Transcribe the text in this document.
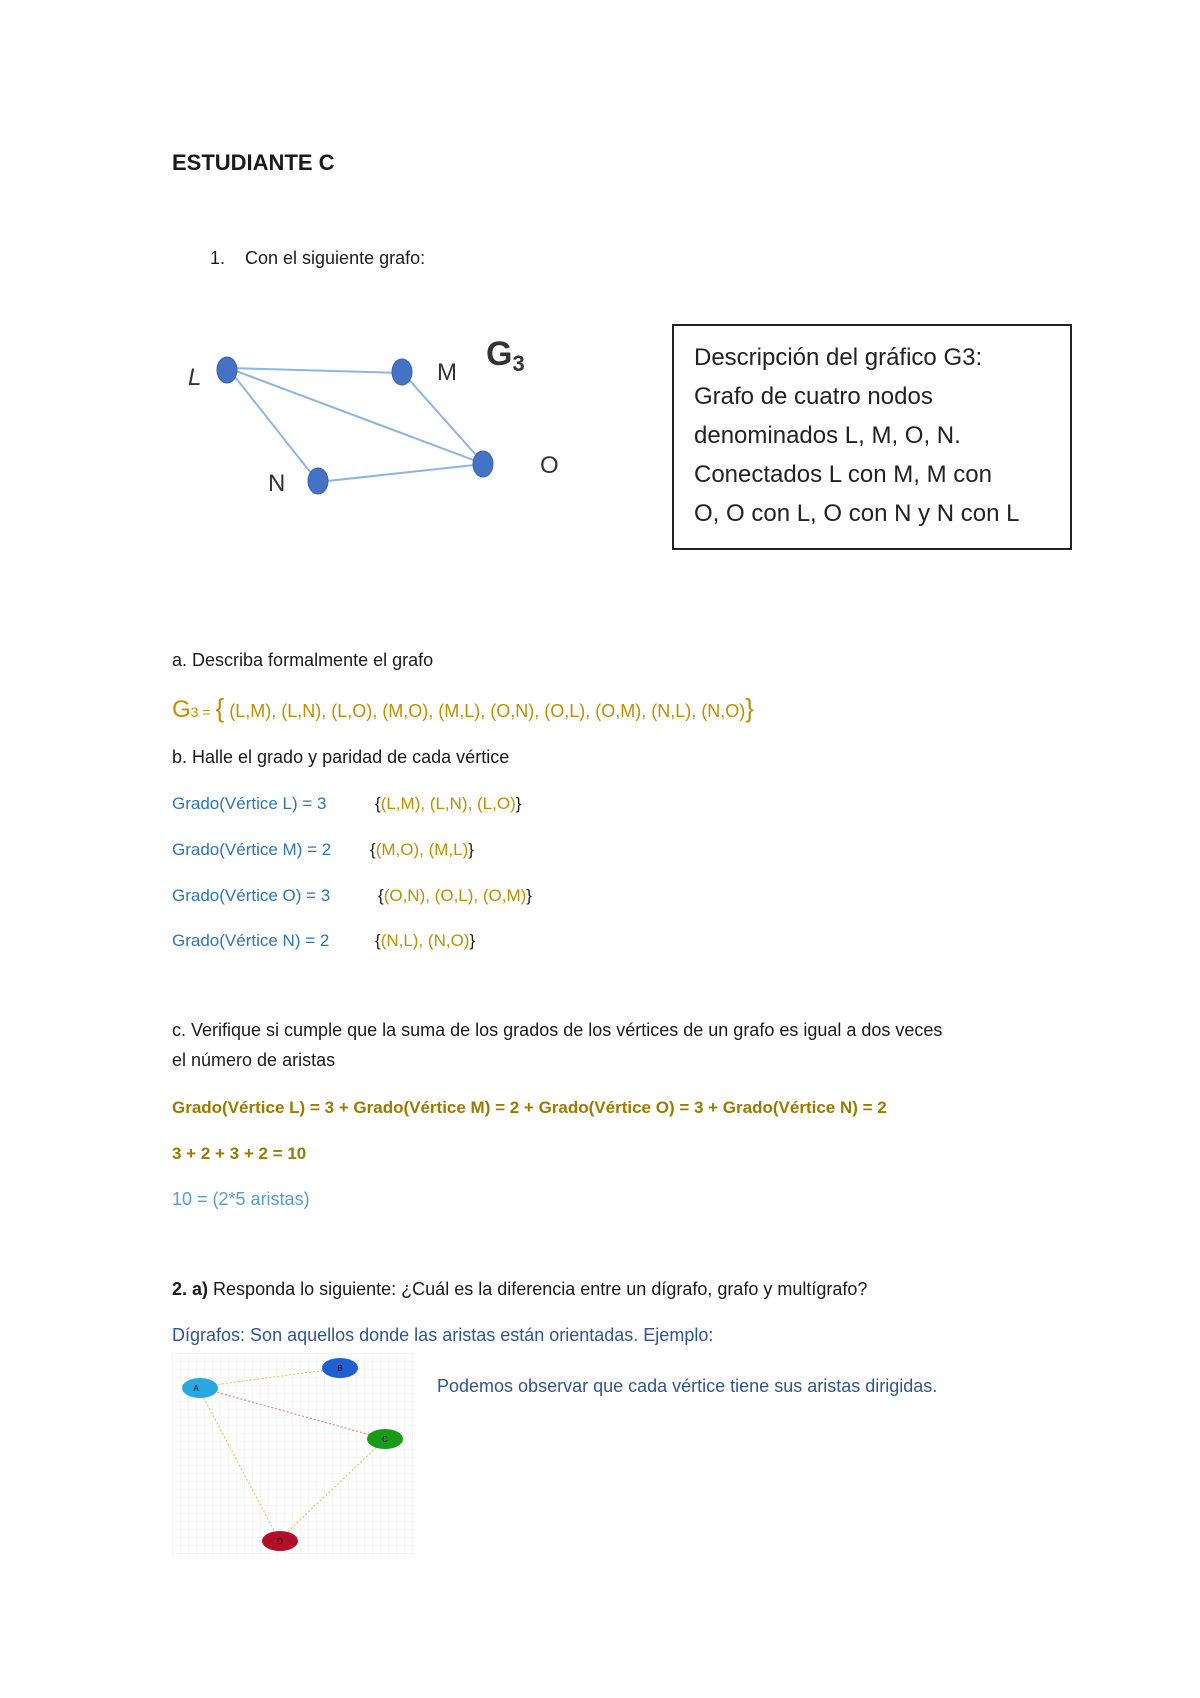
ESTUDIANTE C
1. Con el siguiente grafo:
L	M
N
O
G3	Descripción del gráfico G3:
Grafo de cuatro nodos
denominados L, M, O, N.
Conectados L con M, M con
O, O con L, O con N y N con L
a. Describa formalmente el grafo
G3 = { (L,M), (L,N), (L,O), (M,O), (M,L), (O,N), (O,L), (O,M), (N,L), (N,O)}
b. Halle el grado y paridad de cada vértice
Grado(Vértice L) = 3	{(L,M), (L,N), (L,O)}
Grado(Vértice M) = 2 {(M,O), (M,L)}
Grado(Vértice O) = 3	{(O,N), (O,L), (O,M)}
Grado(Vértice N) = 2	{(N,L), (N,O)}
c. Verifique si cumple que la suma de los grados de los vértices de un grafo es igual a dos veces
el número de aristas
Grado(Vértice L) = 3 + Grado(Vértice M) = 2 + Grado(Vértice O) = 3 + Grado(Vértice N) = 2
3 + 2 + 3 + 2 = 10
10 = (2*5 aristas)
2. a) Responda lo siguiente: ¿Cuál es la diferencia entre un dígrafo, grafo y multígrafo?
Dígrafos: Son aquellos donde las aristas están orientadas. Ejemplo:
A
B
C
D
Podemos observar que cada vértice tiene sus aristas dirigidas.
